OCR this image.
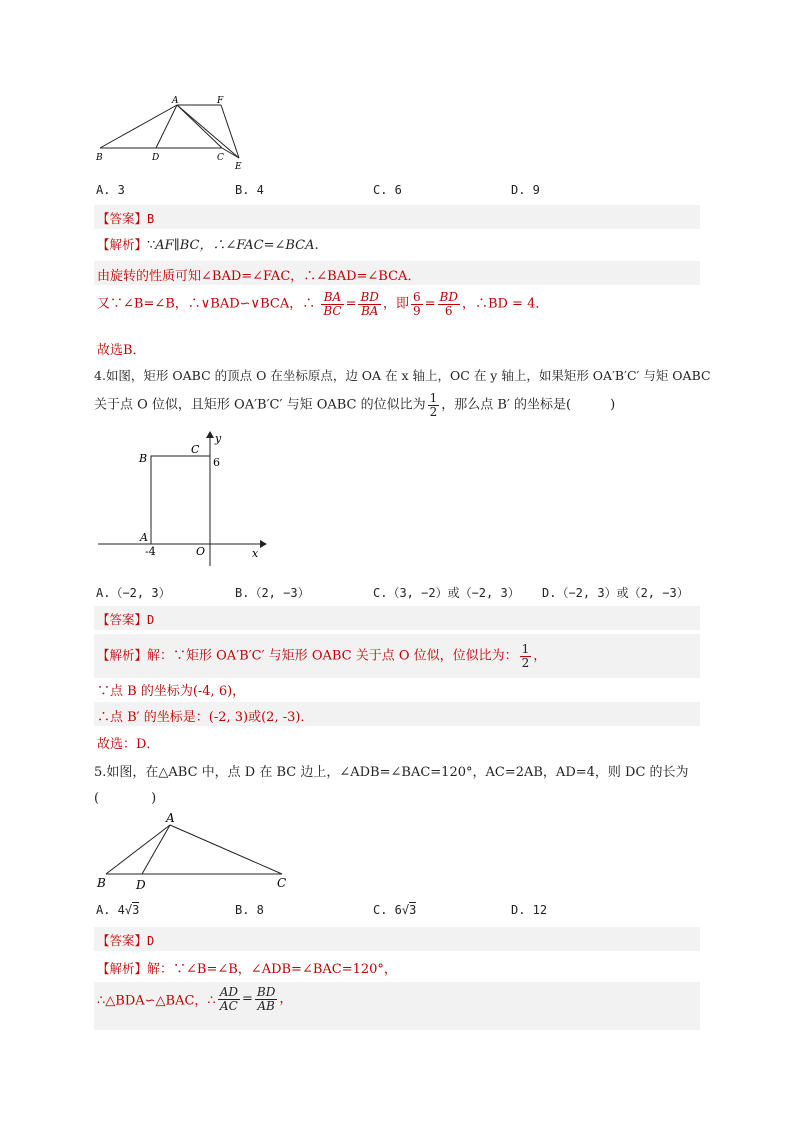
A	F
B	D	C
E
A. 3	B. 4	C. 6	D. 9
【答案】B
【解析】∵AF∥BC，∴∠FAC=∠BCA.
由旋转的性质可知∠BAD=∠FAC，∴∠BAD=∠BCA．
又∵∠B=∠B，∴∨BAD∽∨BCA，∴ $\frac{BA}{BC} = \frac{BD}{BA}$ ，即 $\frac{6}{9} = \frac{BD}{6}$ ，∴BD = 4．
故选B．
4.如图，矩形 OABC 的顶点 O 在坐标原点，边 OA 在 x 轴上，OC 在 y 轴上，如果矩形 OA′B′C′ 与矩 OABC
关于点 O 位似，且矩形 OA′B′C′ 与矩 OABC 的位似比为 $\frac{1}{2}$ ，那么点 B′ 的坐标是(　　　)
y
x
B
C
A
O
6
-4
A.（−2, 3）	B.（2, −3）	C.（3, −2）或（−2, 3） D.（−2, 3）或（2, −3）
【答案】D
【解析】解：∵矩形 OA′B′C′ 与矩形 OABC 关于点 O 位似，位似比为： $\frac{1}{2}$ ，
∵点 B 的坐标为(-4, 6)，
∴点 B′ 的坐标是：(-2, 3)或(2, -3)．
故选：D．
5.如图，在△ABC 中，点 D 在 BC 边上，∠ADB=∠BAC=120°，AC=2AB，AD=4，则 DC 的长为
(　　　　)
A
B	D	C
A. 4√3	B. 8	C. 6√3	D. 12
【答案】D
【解析】解：∵∠B=∠B，∠ADB=∠BAC=120°，
∴△BDA∽△BAC，∴ $\frac{AD}{AC} = \frac{BD}{AB}$ ，
